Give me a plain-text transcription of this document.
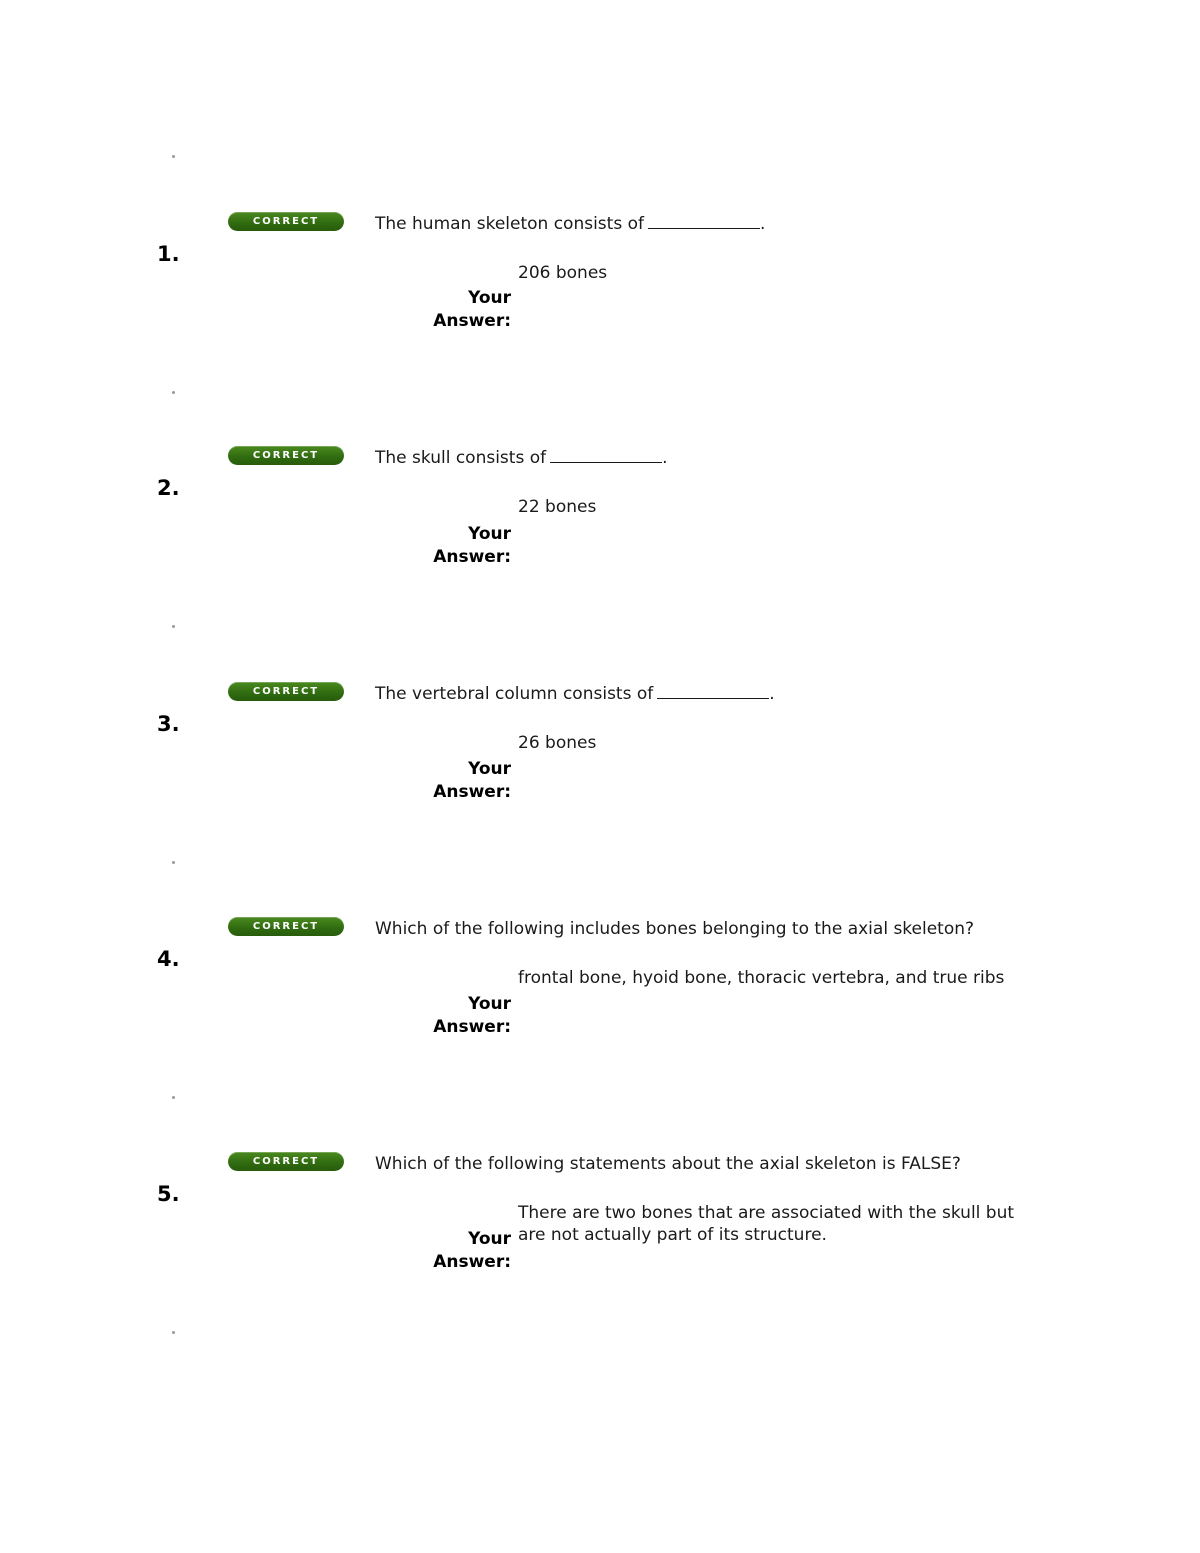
1.
CORRECT	The human skeleton consists of	.
206 bones
Your
Answer:
2.
CORRECT	The skull consists of	.
22 bones
Your
Answer:
3.
CORRECT	The vertebral column consists of	.
26 bones
Your
Answer:
4.
CORRECT	Which of the following includes bones belonging to the axial skeleton?
frontal bone, hyoid bone, thoracic vertebra, and true ribs
Your
Answer:
5.
CORRECT	Which of the following statements about the axial skeleton is FALSE?
There are two bones that are associated with the skull but are not actually part of its structure.
Your
Answer:
